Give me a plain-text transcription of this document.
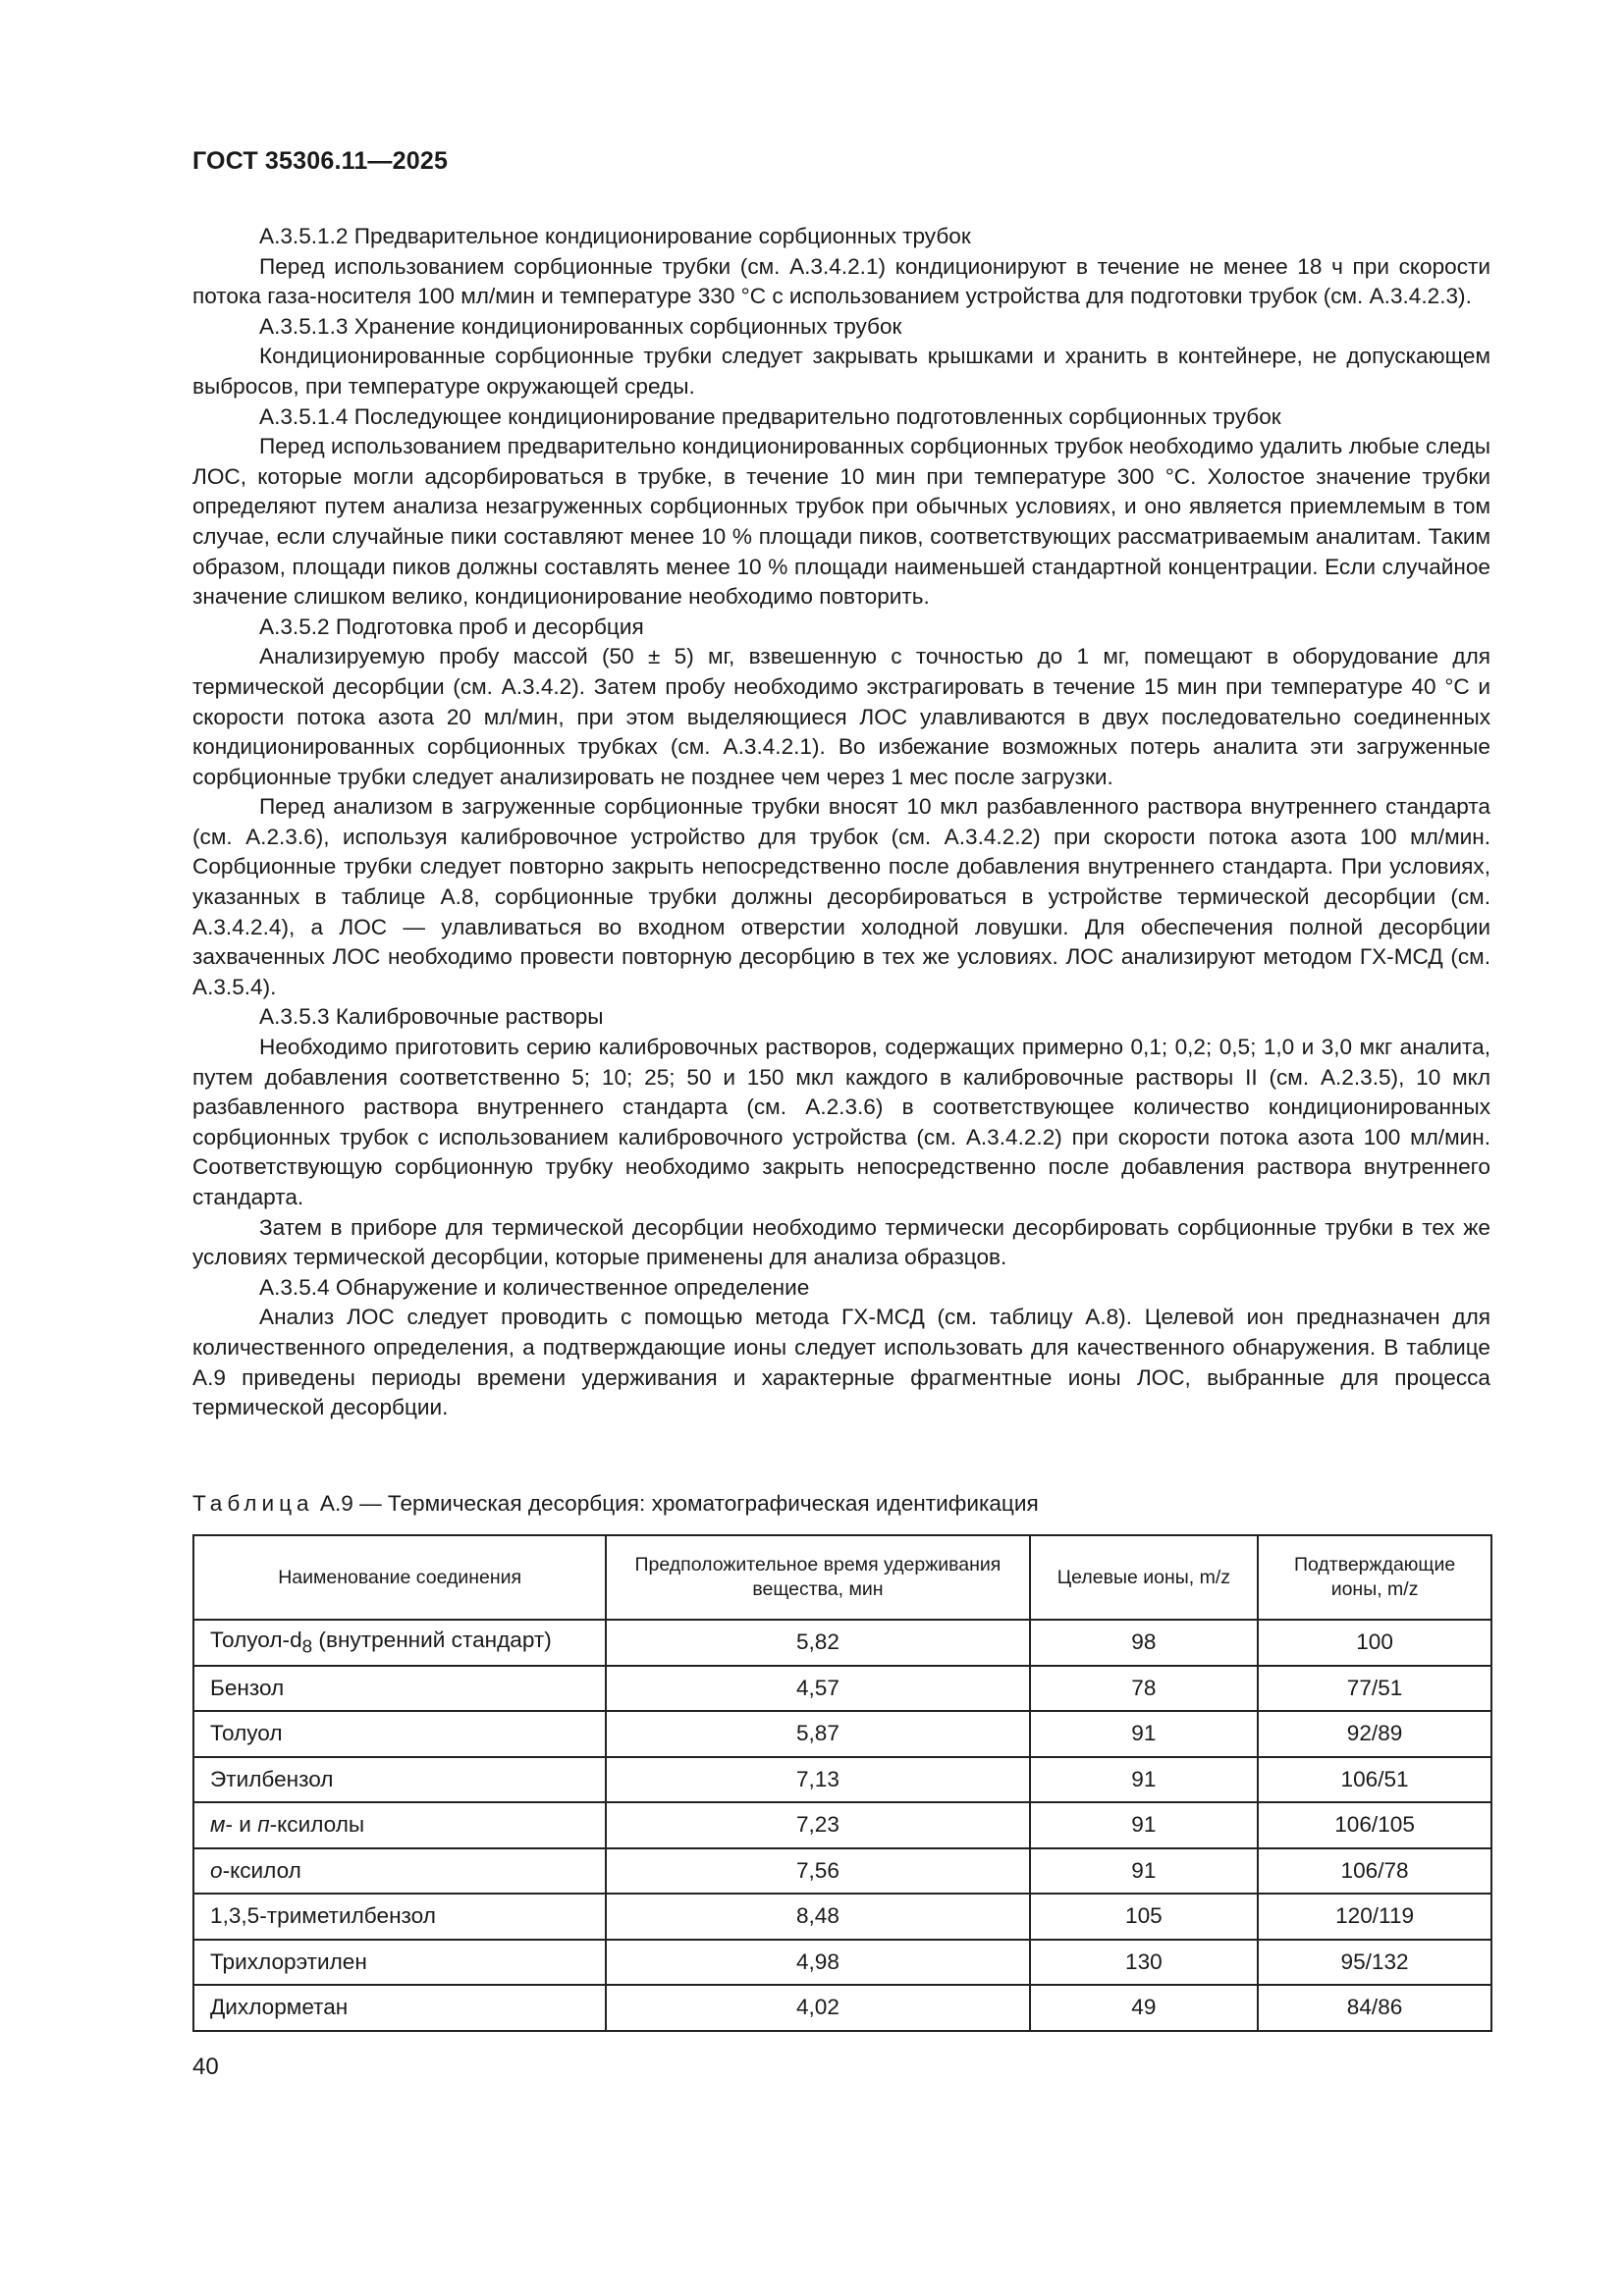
ГОСТ 35306.11—2025

А.3.5.1.2 Предварительное кондиционирование сорбционных трубок

Перед использованием сорбционные трубки (см. А.3.4.2.1) кондиционируют в течение не менее 18 ч при скорости потока газа-носителя 100 мл/мин и температуре 330 °С с использованием устройства для подготовки трубок (см. А.3.4.2.3).

А.3.5.1.3 Хранение кондиционированных сорбционных трубок

Кондиционированные сорбционные трубки следует закрывать крышками и хранить в контейнере, не допускающем выбросов, при температуре окружающей среды.

А.3.5.1.4 Последующее кондиционирование предварительно подготовленных сорбционных трубок

Перед использованием предварительно кондиционированных сорбционных трубок необходимо удалить любые следы ЛОС, которые могли адсорбироваться в трубке, в течение 10 мин при температуре 300 °С. Холостое значение трубки определяют путем анализа незагруженных сорбционных трубок при обычных условиях, и оно является приемлемым в том случае, если случайные пики составляют менее 10 % площади пиков, соответствующих рассматриваемым аналитам. Таким образом, площади пиков должны составлять менее 10 % площади наименьшей стандартной концентрации. Если случайное значение слишком велико, кондиционирование необходимо повторить.

А.3.5.2 Подготовка проб и десорбция

Анализируемую пробу массой (50 ± 5) мг, взвешенную с точностью до 1 мг, помещают в оборудование для термической десорбции (см. А.3.4.2). Затем пробу необходимо экстрагировать в течение 15 мин при температуре 40 °С и скорости потока азота 20 мл/мин, при этом выделяющиеся ЛОС улавливаются в двух последовательно соединенных кондиционированных сорбционных трубках (см. А.3.4.2.1). Во избежание возможных потерь аналита эти загруженные сорбционные трубки следует анализировать не позднее чем через 1 мес после загрузки.

Перед анализом в загруженные сорбционные трубки вносят 10 мкл разбавленного раствора внутреннего стандарта (см. А.2.3.6), используя калибровочное устройство для трубок (см. А.3.4.2.2) при скорости потока азота 100 мл/мин. Сорбционные трубки следует повторно закрыть непосредственно после добавления внутреннего стандарта. При условиях, указанных в таблице А.8, сорбционные трубки должны десорбироваться в устройстве термической десорбции (см. А.3.4.2.4), а ЛОС — улавливаться во входном отверстии холодной ловушки. Для обеспечения полной десорбции захваченных ЛОС необходимо провести повторную десорбцию в тех же условиях. ЛОС анализируют методом ГХ-МСД (см. А.3.5.4).

А.3.5.3 Калибровочные растворы

Необходимо приготовить серию калибровочных растворов, содержащих примерно 0,1; 0,2; 0,5; 1,0 и 3,0 мкг аналита, путем добавления соответственно 5; 10; 25; 50 и 150 мкл каждого в калибровочные растворы II (см. А.2.3.5), 10 мкл разбавленного раствора внутреннего стандарта (см. А.2.3.6) в соответствующее количество кондиционированных сорбционных трубок с использованием калибровочного устройства (см. А.3.4.2.2) при скорости потока азота 100 мл/мин. Соответствующую сорбционную трубку необходимо закрыть непосредственно после добавления раствора внутреннего стандарта.

Затем в приборе для термической десорбции необходимо термически десорбировать сорбционные трубки в тех же условиях термической десорбции, которые применены для анализа образцов.

А.3.5.4 Обнаружение и количественное определение

Анализ ЛОС следует проводить с помощью метода ГХ-МСД (см. таблицу А.8). Целевой ион предназначен для количественного определения, а подтверждающие ионы следует использовать для качественного обнаружения. В таблице А.9 приведены периоды времени удерживания и характерные фрагментные ионы ЛОС, выбранные для процесса термической десорбции.

Таблица А.9 — Термическая десорбция: хроматографическая идентификация
Наименование соединения	Предположительное время удерживания вещества, мин	Целевые ионы, m/z	Подтверждающие ионы, m/z
Толуол-$d_8$ (внутренний стандарт)	5,82	98	100
Бензол	4,57	78	77/51
Толуол	5,87	91	92/89
Этилбензол	7,13	91	106/51
м- и п-ксилолы	7,23	91	106/105
о-ксилол	7,56	91	106/78
1,3,5-триметилбензол	8,48	105	120/119
Трихлорэтилен	4,98	130	95/132
Дихлорметан	4,02	49	84/86
40
